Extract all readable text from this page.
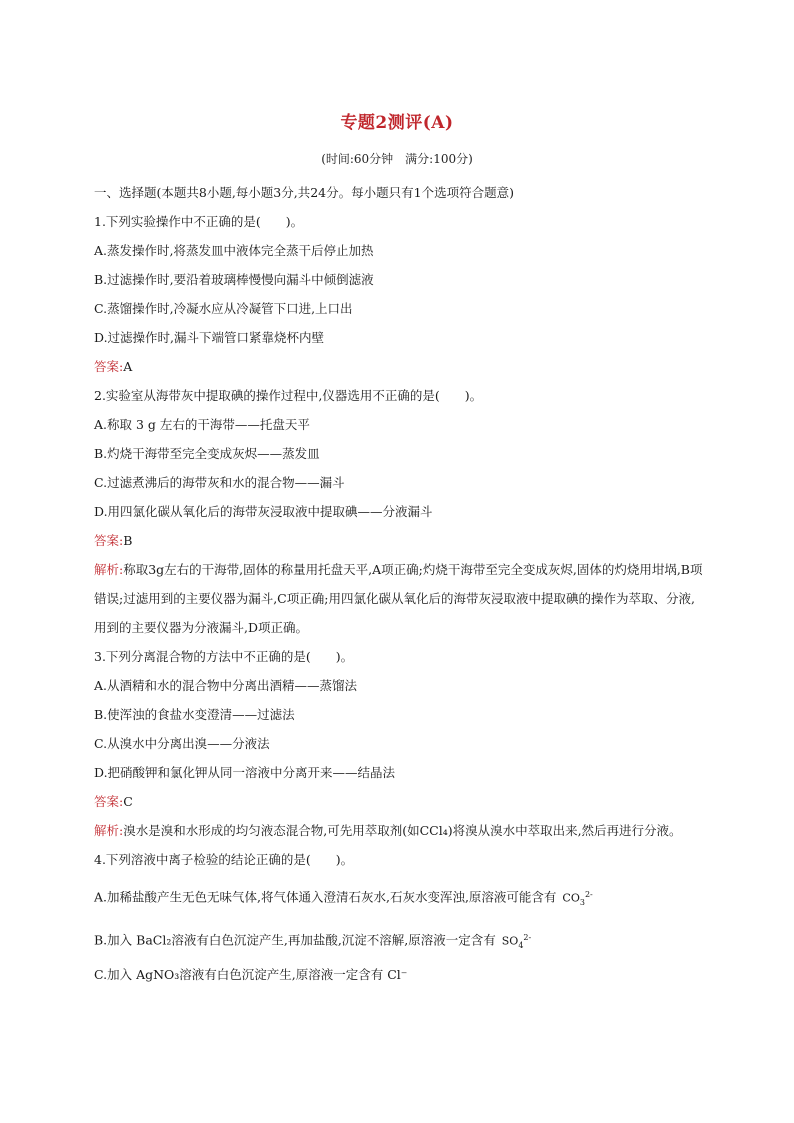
专题2测评(A)
(时间:60分钟　满分:100分)
一、选择题(本题共8小题,每小题3分,共24分。每小题只有1个选项符合题意)
1.下列实验操作中不正确的是(　　)。
A.蒸发操作时,将蒸发皿中液体完全蒸干后停止加热
B.过滤操作时,要沿着玻璃棒慢慢向漏斗中倾倒滤液
C.蒸馏操作时,冷凝水应从冷凝管下口进,上口出
D.过滤操作时,漏斗下端管口紧靠烧杯内壁
答案:A
2.实验室从海带灰中提取碘的操作过程中,仪器选用不正确的是(　　)。
A.称取 3 g 左右的干海带——托盘天平
B.灼烧干海带至完全变成灰烬——蒸发皿
C.过滤煮沸后的海带灰和水的混合物——漏斗
D.用四氯化碳从氧化后的海带灰浸取液中提取碘——分液漏斗
答案:B
解析:称取3g左右的干海带,固体的称量用托盘天平,A项正确;灼烧干海带至完全变成灰烬,固体的灼烧用坩埚,B项错误;过滤用到的主要仪器为漏斗,C项正确;用四氯化碳从氧化后的海带灰浸取液中提取碘的操作为萃取、分液,用到的主要仪器为分液漏斗,D项正确。
3.下列分离混合物的方法中不正确的是(　　)。
A.从酒精和水的混合物中分离出酒精——蒸馏法
B.使浑浊的食盐水变澄清——过滤法
C.从溴水中分离出溴——分液法
D.把硝酸钾和氯化钾从同一溶液中分离开来——结晶法
答案:C
解析:溴水是溴和水形成的均匀液态混合物,可先用萃取剂(如CCl₄)将溴从溴水中萃取出来,然后再进行分液。
4.下列溶液中离子检验的结论正确的是(　　)。
A.加稀盐酸产生无色无味气体,将气体通入澄清石灰水,石灰水变浑浊,原溶液可能含有 $CO_3^{2-}$
B.加入 BaCl₂溶液有白色沉淀产生,再加盐酸,沉淀不溶解,原溶液一定含有 $SO_4^{2-}$
C.加入 AgNO₃溶液有白色沉淀产生,原溶液一定含有 Cl⁻
